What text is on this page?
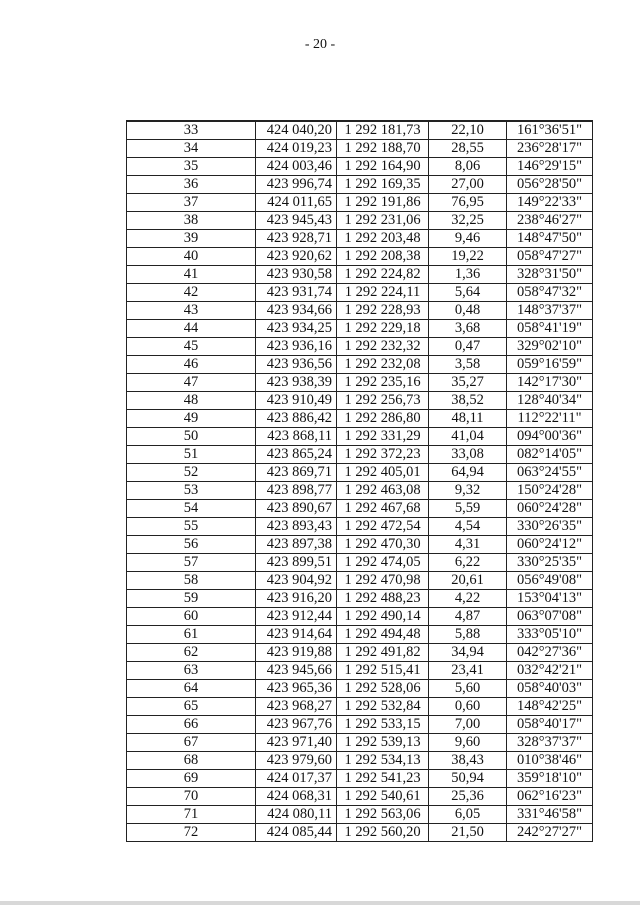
- 20 -
33	424 040,20	1 292 181,73	22,10	161°36'51"
34	424 019,23	1 292 188,70	28,55	236°28'17"
35	424 003,46	1 292 164,90	8,06	146°29'15"
36	423 996,74	1 292 169,35	27,00	056°28'50"
37	424 011,65	1 292 191,86	76,95	149°22'33"
38	423 945,43	1 292 231,06	32,25	238°46'27"
39	423 928,71	1 292 203,48	9,46	148°47'50"
40	423 920,62	1 292 208,38	19,22	058°47'27"
41	423 930,58	1 292 224,82	1,36	328°31'50"
42	423 931,74	1 292 224,11	5,64	058°47'32"
43	423 934,66	1 292 228,93	0,48	148°37'37"
44	423 934,25	1 292 229,18	3,68	058°41'19"
45	423 936,16	1 292 232,32	0,47	329°02'10"
46	423 936,56	1 292 232,08	3,58	059°16'59"
47	423 938,39	1 292 235,16	35,27	142°17'30"
48	423 910,49	1 292 256,73	38,52	128°40'34"
49	423 886,42	1 292 286,80	48,11	112°22'11"
50	423 868,11	1 292 331,29	41,04	094°00'36"
51	423 865,24	1 292 372,23	33,08	082°14'05"
52	423 869,71	1 292 405,01	64,94	063°24'55"
53	423 898,77	1 292 463,08	9,32	150°24'28"
54	423 890,67	1 292 467,68	5,59	060°24'28"
55	423 893,43	1 292 472,54	4,54	330°26'35"
56	423 897,38	1 292 470,30	4,31	060°24'12"
57	423 899,51	1 292 474,05	6,22	330°25'35"
58	423 904,92	1 292 470,98	20,61	056°49'08"
59	423 916,20	1 292 488,23	4,22	153°04'13"
60	423 912,44	1 292 490,14	4,87	063°07'08"
61	423 914,64	1 292 494,48	5,88	333°05'10"
62	423 919,88	1 292 491,82	34,94	042°27'36"
63	423 945,66	1 292 515,41	23,41	032°42'21"
64	423 965,36	1 292 528,06	5,60	058°40'03"
65	423 968,27	1 292 532,84	0,60	148°42'25"
66	423 967,76	1 292 533,15	7,00	058°40'17"
67	423 971,40	1 292 539,13	9,60	328°37'37"
68	423 979,60	1 292 534,13	38,43	010°38'46"
69	424 017,37	1 292 541,23	50,94	359°18'10"
70	424 068,31	1 292 540,61	25,36	062°16'23"
71	424 080,11	1 292 563,06	6,05	331°46'58"
72	424 085,44	1 292 560,20	21,50	242°27'27"
